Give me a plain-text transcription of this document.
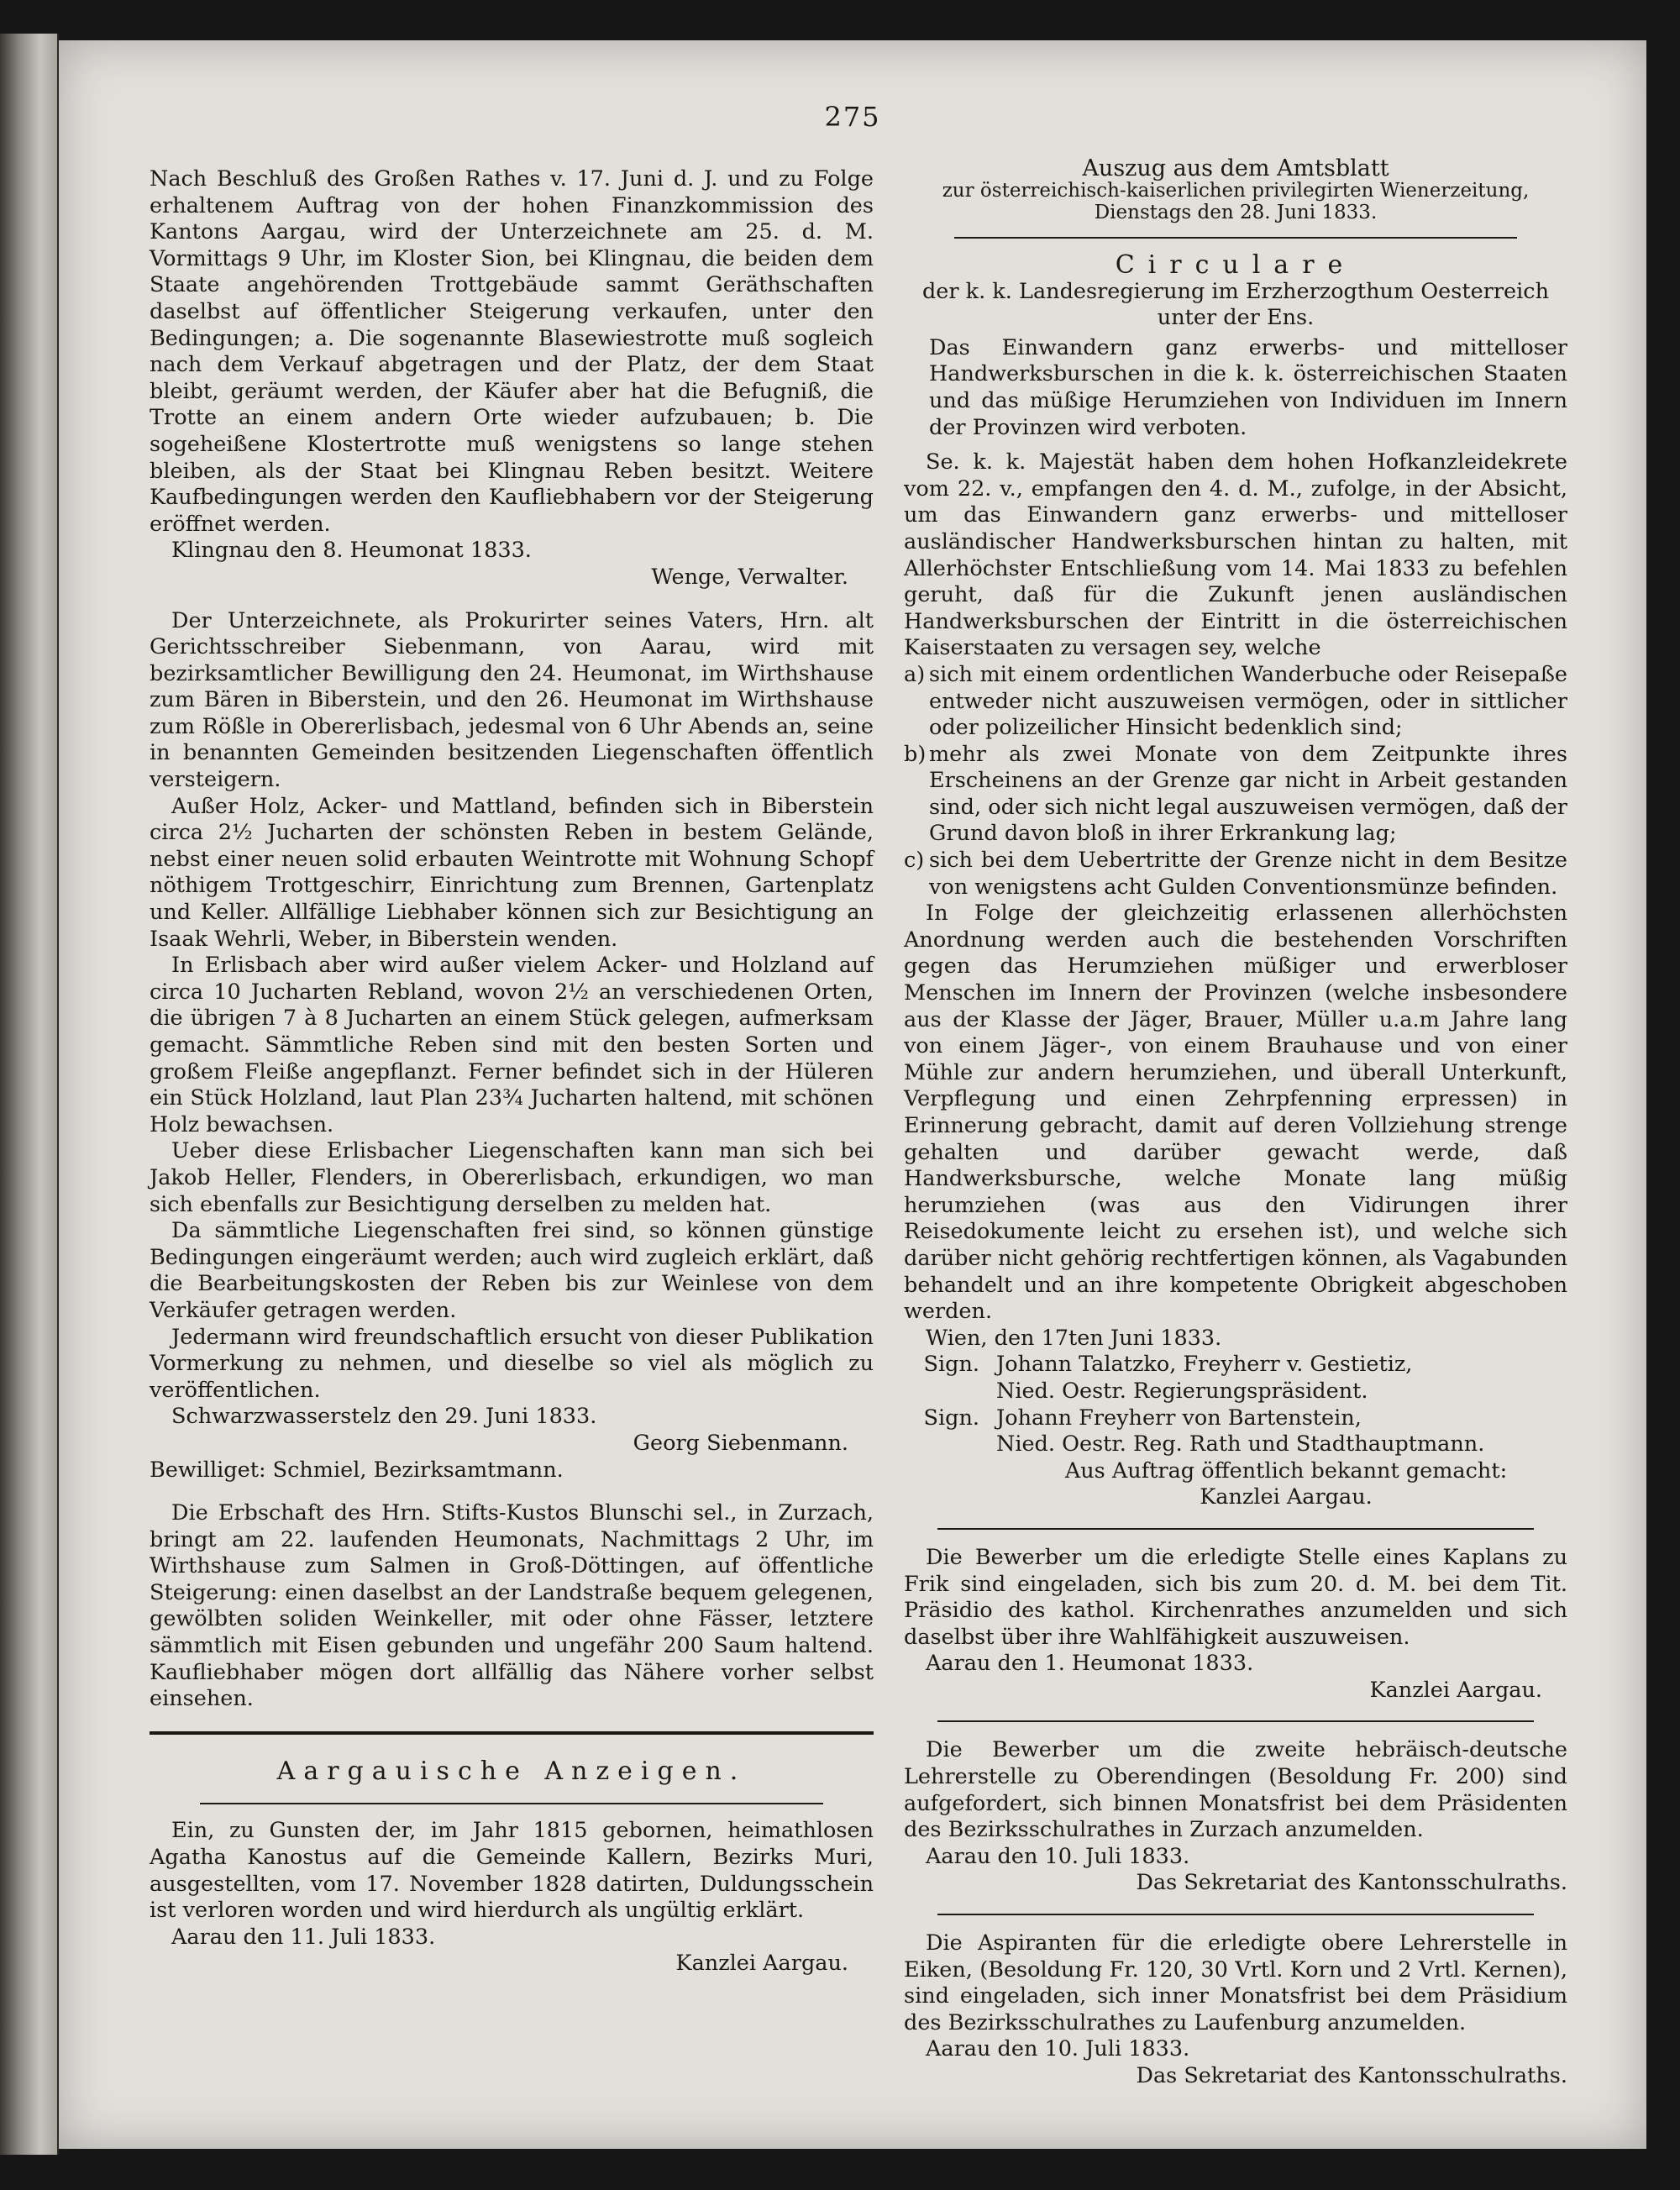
275

Nach Beschluß des Großen Rathes v. 17. Juni d. J. und zu Folge erhaltenem Auftrag von der hohen Finanzkommission des Kantons Aargau, wird der Unterzeichnete am 25. d. M. Vormittags 9 Uhr, im Kloster Sion, bei Klingnau, die beiden dem Staate angehörenden Trottgebäude sammt Geräthschaften daselbst auf öffentlicher Steigerung verkaufen, unter den Bedingungen; a. Die sogenannte Blasewiestrotte muß sogleich nach dem Verkauf abgetragen und der Platz, der dem Staat bleibt, geräumt werden, der Käufer aber hat die Befugniß, die Trotte an einem andern Orte wieder aufzubauen; b. Die sogeheißene Klostertrotte muß wenigstens so lange stehen bleiben, als der Staat bei Klingnau Reben besitzt. Weitere Kaufbedingungen werden den Kaufliebhabern vor der Steigerung eröffnet werden.

Klingnau den 8. Heumonat 1833.

Wenge, Verwalter.

Der Unterzeichnete, als Prokurirter seines Vaters, Hrn. alt Gerichtsschreiber Siebenmann, von Aarau, wird mit bezirksamtlicher Bewilligung den 24. Heumonat, im Wirthshause zum Bären in Biberstein, und den 26. Heumonat im Wirthshause zum Rößle in Obererlisbach, jedesmal von 6 Uhr Abends an, seine in benannten Gemeinden besitzenden Liegenschaften öffentlich versteigern.

Außer Holz, Acker- und Mattland, befinden sich in Biberstein circa 2½ Jucharten der schönsten Reben in bestem Gelände, nebst einer neuen solid erbauten Weintrotte mit Wohnung Schopf nöthigem Trottgeschirr, Einrichtung zum Brennen, Gartenplatz und Keller. Allfällige Liebhaber können sich zur Besichtigung an Isaak Wehrli, Weber, in Biberstein wenden.

In Erlisbach aber wird außer vielem Acker- und Holzland auf circa 10 Jucharten Rebland, wovon 2½ an verschiedenen Orten, die übrigen 7 à 8 Jucharten an einem Stück gelegen, aufmerksam gemacht. Sämmtliche Reben sind mit den besten Sorten und großem Fleiße angepflanzt. Ferner befindet sich in der Hüleren ein Stück Holzland, laut Plan 23¾ Jucharten haltend, mit schönen Holz bewachsen.

Ueber diese Erlisbacher Liegenschaften kann man sich bei Jakob Heller, Flenders, in Obererlisbach, erkundigen, wo man sich ebenfalls zur Besichtigung derselben zu melden hat.

Da sämmtliche Liegenschaften frei sind, so können günstige Bedingungen eingeräumt werden; auch wird zugleich erklärt, daß die Bearbeitungskosten der Reben bis zur Weinlese von dem Verkäufer getragen werden.

Jedermann wird freundschaftlich ersucht von dieser Publikation Vormerkung zu nehmen, und dieselbe so viel als möglich zu veröffentlichen.

Schwarzwasserstelz den 29. Juni 1833.

Georg Siebenmann.

Bewilliget: Schmiel, Bezirksamtmann.

Die Erbschaft des Hrn. Stifts-Kustos Blunschi sel., in Zurzach, bringt am 22. laufenden Heumonats, Nachmittags 2 Uhr, im Wirthshause zum Salmen in Groß-Döttingen, auf öffentliche Steigerung: einen daselbst an der Landstraße bequem gelegenen, gewölbten soliden Weinkeller, mit oder ohne Fässer, letztere sämmtlich mit Eisen gebunden und ungefähr 200 Saum haltend. Kaufliebhaber mögen dort allfällig das Nähere vorher selbst einsehen.

Aargauische Anzeigen.

Ein, zu Gunsten der, im Jahr 1815 gebornen, heimathlosen Agatha Kanostus auf die Gemeinde Kallern, Bezirks Muri, ausgestellten, vom 17. November 1828 datirten, Duldungsschein ist verloren worden und wird hierdurch als ungültig erklärt.

Aarau den 11. Juli 1833.

Kanzlei Aargau.

Auszug aus dem Amtsblatt
zur österreichisch-kaiserlichen privilegirten Wienerzeitung, Dienstags den 28. Juni 1833.
Circulare
der k. k. Landesregierung im Erzherzogthum Oesterreich
unter der Ens.

Das Einwandern ganz erwerbs- und mittelloser Handwerksburschen in die k. k. österreichischen Staaten und das müßige Herumziehen von Individuen im Innern der Provinzen wird verboten.

Se. k. k. Majestät haben dem hohen Hofkanzleidekrete vom 22. v., empfangen den 4. d. M., zufolge, in der Absicht, um das Einwandern ganz erwerbs- und mittelloser ausländischer Handwerksburschen hintan zu halten, mit Allerhöchster Entschließung vom 14. Mai 1833 zu befehlen geruht, daß für die Zukunft jenen ausländischen Handwerksburschen der Eintritt in die österreichischen Kaiserstaaten zu versagen sey, welche

a) sich mit einem ordentlichen Wanderbuche oder Reisepaße entweder nicht auszuweisen vermögen, oder in sittlicher oder polizeilicher Hinsicht bedenklich sind;
b) mehr als zwei Monate von dem Zeitpunkte ihres Erscheinens an der Grenze gar nicht in Arbeit gestanden sind, oder sich nicht legal auszuweisen vermögen, daß der Grund davon bloß in ihrer Erkrankung lag;
c) sich bei dem Uebertritte der Grenze nicht in dem Besitze von wenigstens acht Gulden Conventionsmünze befinden.

In Folge der gleichzeitig erlassenen allerhöchsten Anordnung werden auch die bestehenden Vorschriften gegen das Herumziehen müßiger und erwerbloser Menschen im Innern der Provinzen (welche insbesondere aus der Klasse der Jäger, Brauer, Müller u.a.m Jahre lang von einem Jäger-, von einem Brauhause und von einer Mühle zur andern herumziehen, und überall Unterkunft, Verpflegung und einen Zehrpfenning erpressen) in Erinnerung gebracht, damit auf deren Vollziehung strenge gehalten und darüber gewacht werde, daß Handwerksbursche, welche Monate lang müßig herumziehen (was aus den Vidirungen ihrer Reisedokumente leicht zu ersehen ist), und welche sich darüber nicht gehörig rechtfertigen können, als Vagabunden behandelt und an ihre kompetente Obrigkeit abgeschoben werden.

Wien, den 17ten Juni 1833.

Sign. Johann Talatzko, Freyherr v. Gestietiz,
Nied. Oestr. Regierungspräsident.
Sign. Johann Freyherr von Bartenstein,
Nied. Oestr. Reg. Rath und Stadthauptmann.
Aus Auftrag öffentlich bekannt gemacht:
Kanzlei Aargau.

Die Bewerber um die erledigte Stelle eines Kaplans zu Frik sind eingeladen, sich bis zum 20. d. M. bei dem Tit. Präsidio des kathol. Kirchenrathes anzumelden und sich daselbst über ihre Wahlfähigkeit auszuweisen.

Aarau den 1. Heumonat 1833.

Kanzlei Aargau.

Die Bewerber um die zweite hebräisch-deutsche Lehrerstelle zu Oberendingen (Besoldung Fr. 200) sind aufgefordert, sich binnen Monatsfrist bei dem Präsidenten des Bezirksschulrathes in Zurzach anzumelden.

Aarau den 10. Juli 1833.

Das Sekretariat des Kantonsschulraths.

Die Aspiranten für die erledigte obere Lehrerstelle in Eiken, (Besoldung Fr. 120, 30 Vrtl. Korn und 2 Vrtl. Kernen), sind eingeladen, sich inner Monatsfrist bei dem Präsidium des Bezirksschulrathes zu Laufenburg anzumelden.

Aarau den 10. Juli 1833.

Das Sekretariat des Kantonsschulraths.
